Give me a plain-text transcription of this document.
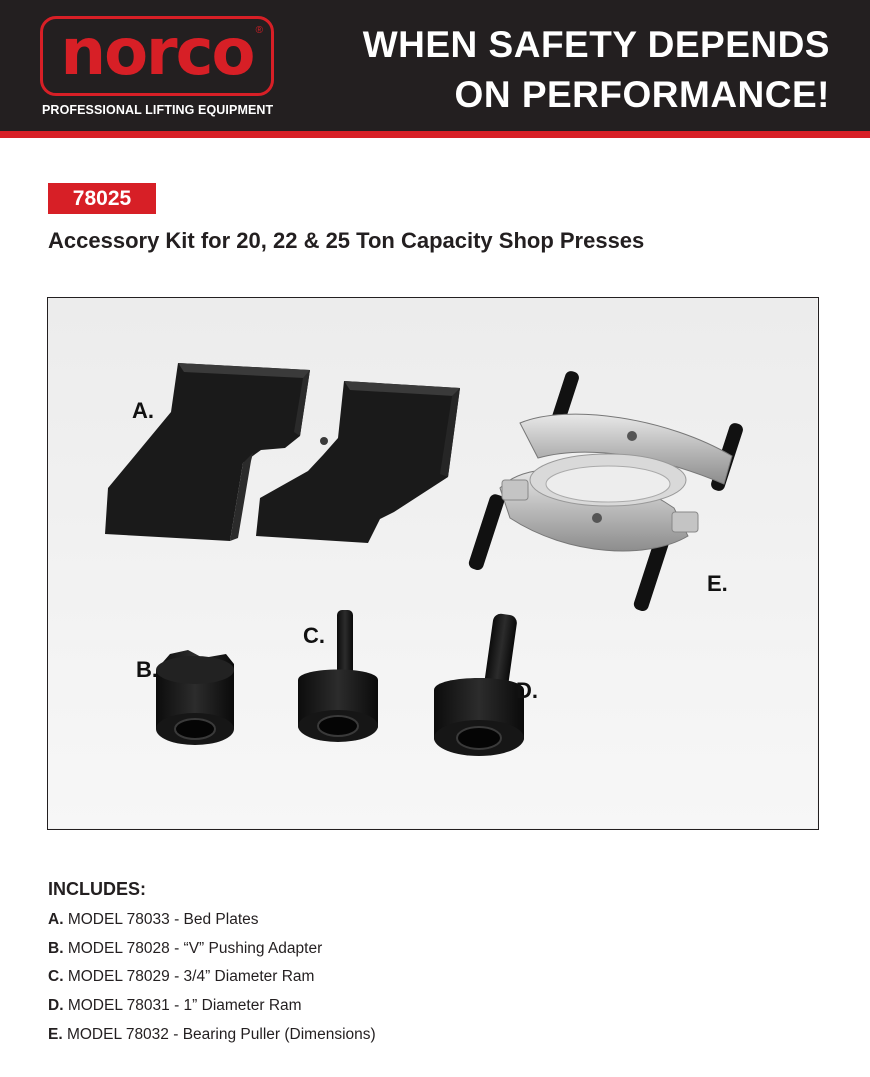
norco ®
PROFESSIONAL LIFTING EQUIPMENT
WHEN SAFETY DEPENDS
ON PERFORMANCE!
78025
Accessory Kit for 20, 22 & 25 Ton Capacity Shop Presses
A.
B.
C.
D.
E.
INCLUDES:
A. MODEL 78033 - Bed Plates
B. MODEL 78028 - “V” Pushing Adapter
C. MODEL 78029 - 3/4” Diameter Ram
D. MODEL 78031 - 1” Diameter Ram
E. MODEL 78032 - Bearing Puller (Dimensions)
